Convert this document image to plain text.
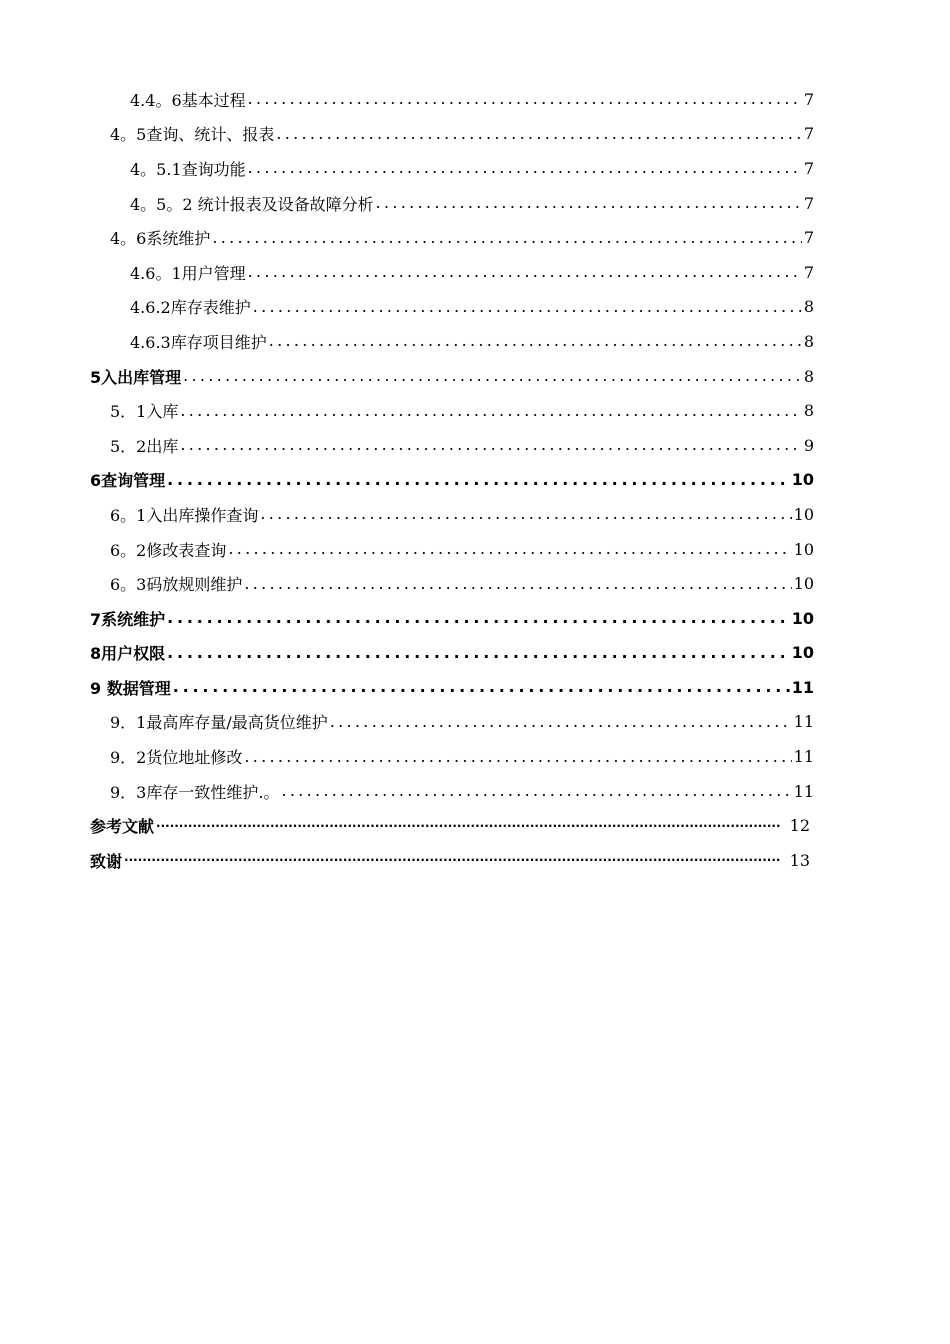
4.4。6基本过程 .....	7
4。5查询、统计、报表 .....	7
4。5.1查询功能 .....	7
4。5。2 统计报表及设备故障分析 .....	7
4。6系统维护 .....	7
4.6。1用户管理 .....	7
4.6.2库存表维护 .....	8
4.6.3库存项目维护 .....	8
5入出库管理 .....	8
5．1入库 .....	8
5．2出库 .....	9
6查询管理 .....	10
6。1入出库操作查询 .....	10
6。2修改表查询 .....	10
6。3码放规则维护 .....	10
7系统维护 .....	10
8用户权限 .....	10
9 数据管理 .....	11
9．1最高库存量/最高货位维护 .....	11
9．2货位地址修改 .....	11
9．3库存一致性维护.。 .....	11
参考文献 ·····	12
致谢 ·····	13
